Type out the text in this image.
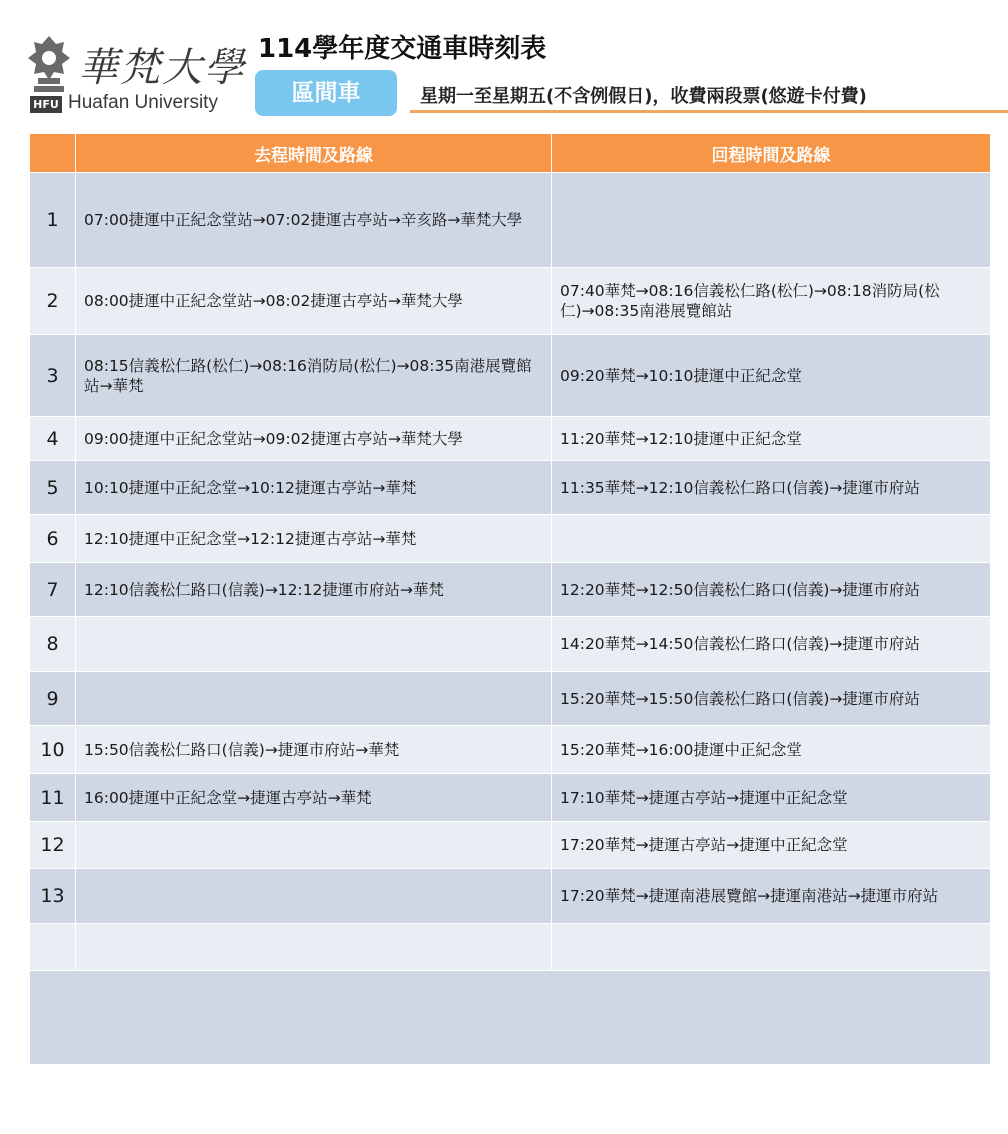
華梵大學
HFU Huafan University
114學年度交通車時刻表
區間車	星期一至星期五(不含例假日)，收費兩段票(悠遊卡付費)
	去程時間及路線	回程時間及路線
1	07:00捷運中正紀念堂站→07:02捷運古亭站→辛亥路→華梵大學	
2	08:00捷運中正紀念堂站→08:02捷運古亭站→華梵大學	07:40華梵→08:16信義松仁路(松仁)→08:18消防局(松仁)→08:35南港展覽館站
3	08:15信義松仁路(松仁)→08:16消防局(松仁)→08:35南港展覽館站→華梵	09:20華梵→10:10捷運中正紀念堂
4	09:00捷運中正紀念堂站→09:02捷運古亭站→華梵大學	11:20華梵→12:10捷運中正紀念堂
5	10:10捷運中正紀念堂→10:12捷運古亭站→華梵	11:35華梵→12:10信義松仁路口(信義)→捷運市府站
6	12:10捷運中正紀念堂→12:12捷運古亭站→華梵	
7	12:10信義松仁路口(信義)→12:12捷運市府站→華梵	12:20華梵→12:50信義松仁路口(信義)→捷運市府站
8		14:20華梵→14:50信義松仁路口(信義)→捷運市府站
9		15:20華梵→15:50信義松仁路口(信義)→捷運市府站
10	15:50信義松仁路口(信義)→捷運市府站→華梵	15:20華梵→16:00捷運中正紀念堂
11	16:00捷運中正紀念堂→捷運古亭站→華梵	17:10華梵→捷運古亭站→捷運中正紀念堂
12		17:20華梵→捷運古亭站→捷運中正紀念堂
13		17:20華梵→捷運南港展覽館→捷運南港站→捷運市府站
